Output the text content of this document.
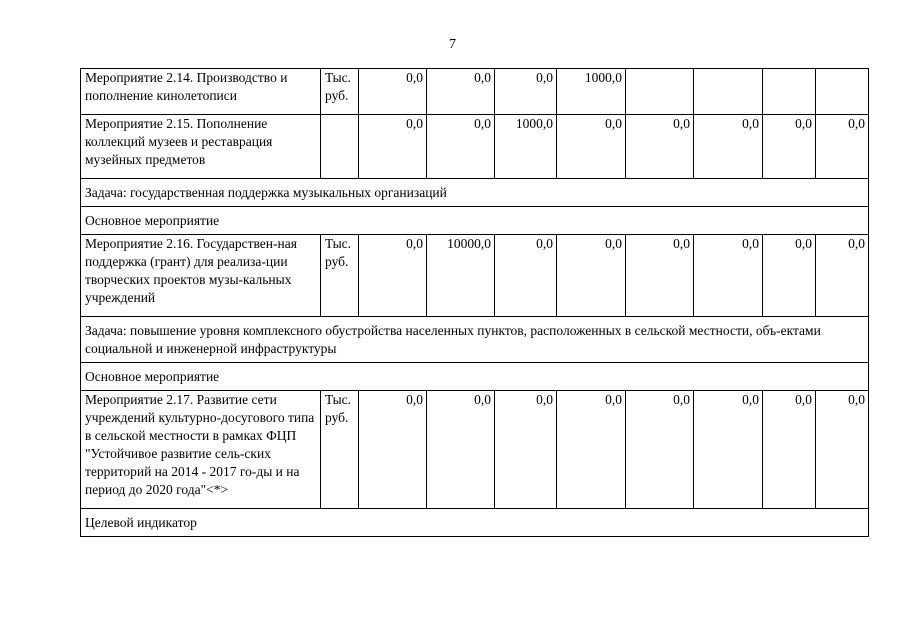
7
Мероприятие 2.14. Производство и пополнение кинолетописи	Тыс. руб.	0,0	0,0	0,0	1000,0				
Мероприятие 2.15. Пополнение коллекций музеев и реставрация музейных предметов		0,0	0,0	1000,0	0,0	0,0	0,0	0,0	0,0
Задача: государственная поддержка музыкальных организаций									
Основное мероприятие									
Мероприятие 2.16. Государствен-ная поддержка (грант) для реализа-ции творческих проектов музы-кальных учреждений	Тыс. руб.	0,0	10000,0	0,0	0,0	0,0	0,0	0,0	0,0
Задача: повышение уровня комплексного обустройства населенных пунктов, расположенных в сельской местности, объ-ектами социальной и инженерной инфраструктуры									
Основное мероприятие									
Мероприятие 2.17. Развитие сети учреждений культурно-досугового типа в сельской местности в рамках ФЦП "Устойчивое развитие сель-ских территорий на 2014 - 2017 го-ды и на период до 2020 года"<*>	Тыс. руб.	0,0	0,0	0,0	0,0	0,0	0,0	0,0	0,0
Целевой индикатор									
